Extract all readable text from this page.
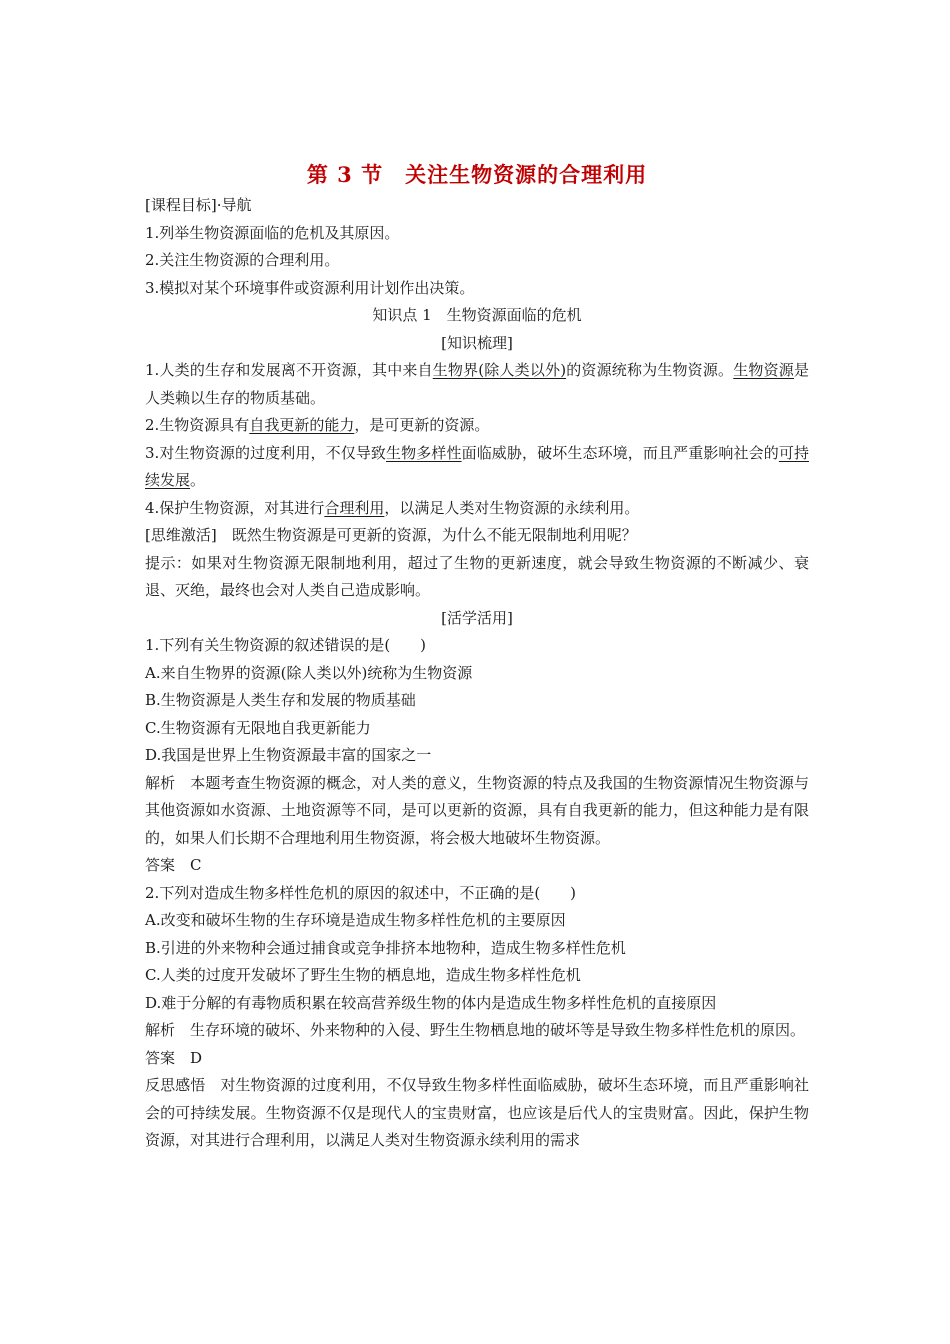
第 3 节　关注生物资源的合理利用

[课程目标]·导航

1.列举生物资源面临的危机及其原因。

2.关注生物资源的合理利用。

3.模拟对某个环境事件或资源利用计划作出决策。

知识点 1　生物资源面临的危机

[知识梳理]

1.人类的生存和发展离不开资源，其中来自生物界(除人类以外)的资源统称为生物资源。生物资源是人类赖以生存的物质基础。

2.生物资源具有自我更新的能力，是可更新的资源。

3.对生物资源的过度利用，不仅导致生物多样性面临威胁，破坏生态环境，而且严重影响社会的可持续发展。

4.保护生物资源，对其进行合理利用，以满足人类对生物资源的永续利用。

[思维激活]　既然生物资源是可更新的资源，为什么不能无限制地利用呢？

提示：如果对生物资源无限制地利用，超过了生物的更新速度，就会导致生物资源的不断减少、衰退、灭绝，最终也会对人类自己造成影响。

[活学活用]

1.下列有关生物资源的叙述错误的是(　　)

A.来自生物界的资源(除人类以外)统称为生物资源

B.生物资源是人类生存和发展的物质基础

C.生物资源有无限地自我更新能力

D.我国是世界上生物资源最丰富的国家之一

解析　本题考查生物资源的概念，对人类的意义，生物资源的特点及我国的生物资源情况生物资源与其他资源如水资源、土地资源等不同，是可以更新的资源，具有自我更新的能力，但这种能力是有限的，如果人们长期不合理地利用生物资源，将会极大地破坏生物资源。

答案　C

2.下列对造成生物多样性危机的原因的叙述中，不正确的是(　　)

A.改变和破坏生物的生存环境是造成生物多样性危机的主要原因

B.引进的外来物种会通过捕食或竞争排挤本地物种，造成生物多样性危机

C.人类的过度开发破坏了野生生物的栖息地，造成生物多样性危机

D.难于分解的有毒物质积累在较高营养级生物的体内是造成生物多样性危机的直接原因

解析　生存环境的破坏、外来物种的入侵、野生生物栖息地的破坏等是导致生物多样性危机的原因。

答案　D

反思感悟　对生物资源的过度利用，不仅导致生物多样性面临威胁，破坏生态环境，而且严重影响社会的可持续发展。生物资源不仅是现代人的宝贵财富，也应该是后代人的宝贵财富。因此，保护生物资源，对其进行合理利用，以满足人类对生物资源永续利用的需求
